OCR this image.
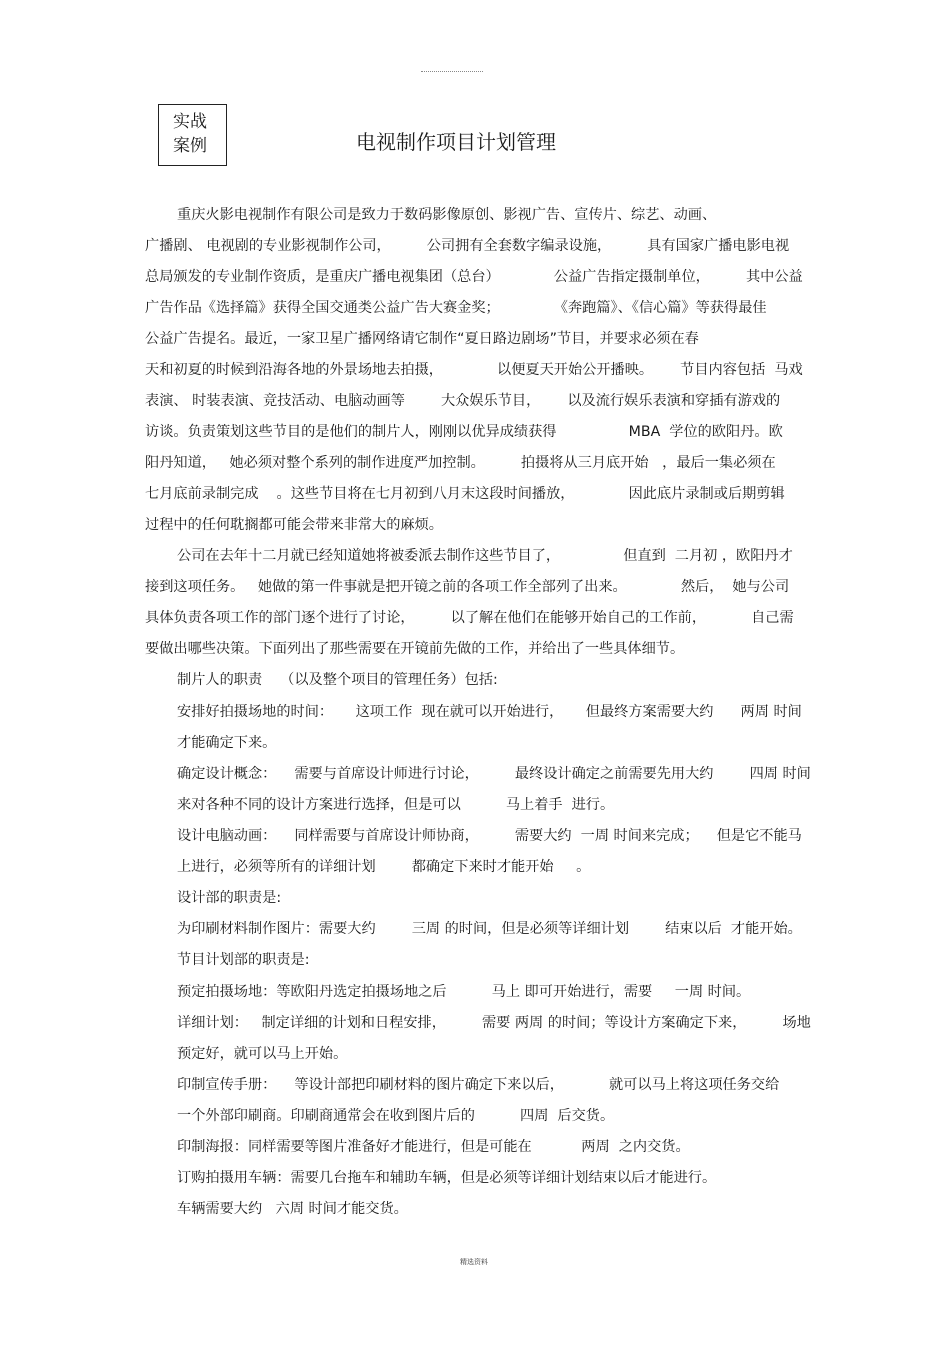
实战
案例	电视制作项目计划管理
重庆火影电视制作有限公司是致力于数码影像原创、影视广告、宣传片、综艺、动画、
广播剧、 电视剧的专业影视制作公司，        公司拥有全套数字编录设施，        具有国家广播电影电视
总局颁发的专业制作资质，是重庆广播电视集团（总台）            公益广告指定摄制单位，        其中公益
广告作品《选择篇》获得全国交通类公益广告大赛金奖；            《奔跑篇》、《信心篇》等获得最佳
公益广告提名。最近，一家卫星广播网络请它制作“夏日路边剧场”节目，并要求必须在春
天和初夏的时候到沿海各地的外景场地去拍摄，            以便夏天开始公开播映。      节目内容包括  马戏
表演、 时装表演、竞技活动、电脑动画等        大众娱乐节目，      以及流行娱乐表演和穿插有游戏的
访谈。负责策划这些节目的是他们的制片人，刚刚以优异成绩获得                MBA  学位的欧阳丹。欧
阳丹知道，   她必须对整个系列的制作进度严加控制。        拍摄将从三月底开始   ，最后一集必须在
七月底前录制完成    。这些节目将在七月初到八月末这段时间播放，            因此底片录制或后期剪辑
过程中的任何耽搁都可能会带来非常大的麻烦。
公司在去年十二月就已经知道她将被委派去制作这些节目了，              但直到  二月初 ，欧阳丹才
接到这项任务。   她做的第一件事就是把开镜之前的各项工作全部列了出来。            然后，  她与公司
具体负责各项工作的部门逐个进行了讨论，        以了解在他们在能够开始自己的工作前，          自己需
要做出哪些决策。下面列出了那些需要在开镜前先做的工作，并给出了一些具体细节。
制片人的职责    （以及整个项目的管理任务）包括:
安排好拍摄场地的时间：     这项工作  现在就可以开始进行，     但最终方案需要大约      两周 时间
才能确定下来。
确定设计概念：    需要与首席设计师进行讨论，        最终设计确定之前需要先用大约        四周 时间
来对各种不同的设计方案进行选择，但是可以          马上着手  进行。
设计电脑动画：    同样需要与首席设计师协商，        需要大约  一周 时间来完成；    但是它不能马
上进行，必须等所有的详细计划        都确定下来时才能开始     。
设计部的职责是:
为印刷材料制作图片：需要大约        三周 的时间，但是必须等详细计划        结束以后  才能开始。
节目计划部的职责是:
预定拍摄场地：等欧阳丹选定拍摄场地之后          马上 即可开始进行，需要     一周 时间。
详细计划：   制定详细的计划和日程安排，        需要 两周 的时间；等设计方案确定下来，        场地
预定好，就可以马上开始。
印制宣传手册：    等设计部把印刷材料的图片确定下来以后，          就可以马上将这项任务交给
一个外部印刷商。印刷商通常会在收到图片后的          四周  后交货。
印制海报：同样需要等图片准备好才能进行，但是可能在           两周  之内交货。
订购拍摄用车辆：需要几台拖车和辅助车辆，但是必须等详细计划结束以后才能进行。
车辆需要大约   六周 时间才能交货。
精选资料
